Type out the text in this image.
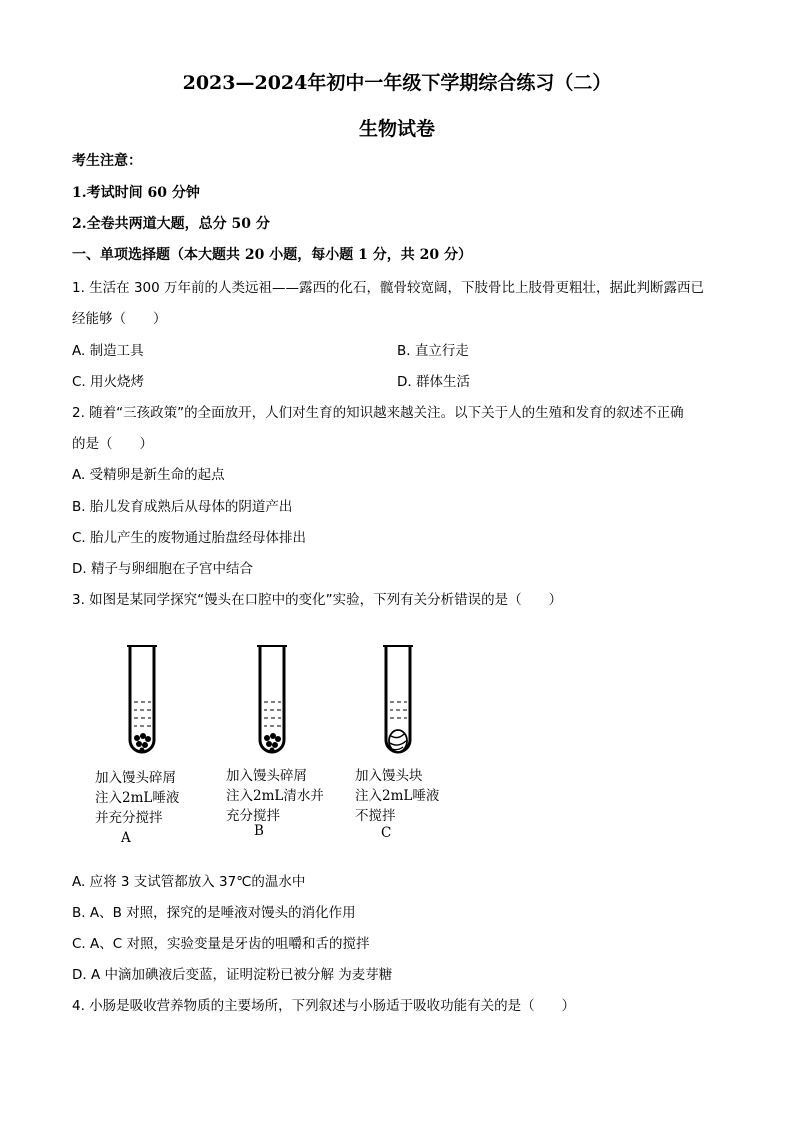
2023—2024年初中一年级下学期综合练习（二）
生物试卷
考生注意：
1.考试时间 60 分钟
2.全卷共两道大题，总分 50 分
一、单项选择题（本大题共 20 小题，每小题 1 分，共 20 分）
1. 生活在 300 万年前的人类远祖——露西的化石，髋骨较宽阔，下肢骨比上肢骨更粗壮，据此判断露西已
经能够（　　）
A. 制造工具	B. 直立行走
C. 用火烧烤	D. 群体生活
2. 随着“三孩政策”的全面放开，人们对生育的知识越来越关注。以下关于人的生殖和发育的叙述不正确
的是（　　）
A. 受精卵是新生命的起点
B. 胎儿发育成熟后从母体的阴道产出
C. 胎儿产生的废物通过胎盘经母体排出
D. 精子与卵细胞在子宫中结合
3. 如图是某同学探究“馒头在口腔中的变化”实验，下列有关分析错误的是（　　）
加入馒头碎屑
注入2mL唾液
并充分搅拌
A
加入馒头碎屑
注入2mL清水并
充分搅拌
B
加入馒头块
注入2mL唾液
不搅拌
C
A. 应将 3 支试管都放入 37℃的温水中
B. A、B 对照，探究的是唾液对馒头的消化作用
C. A、C 对照，实验变量是牙齿的咀嚼和舌的搅拌
D. A 中滴加碘液后变蓝，证明淀粉已被分解 为麦芽糖
4. 小肠是吸收营养物质的主要场所，下列叙述与小肠适于吸收功能有关的是（　　）
